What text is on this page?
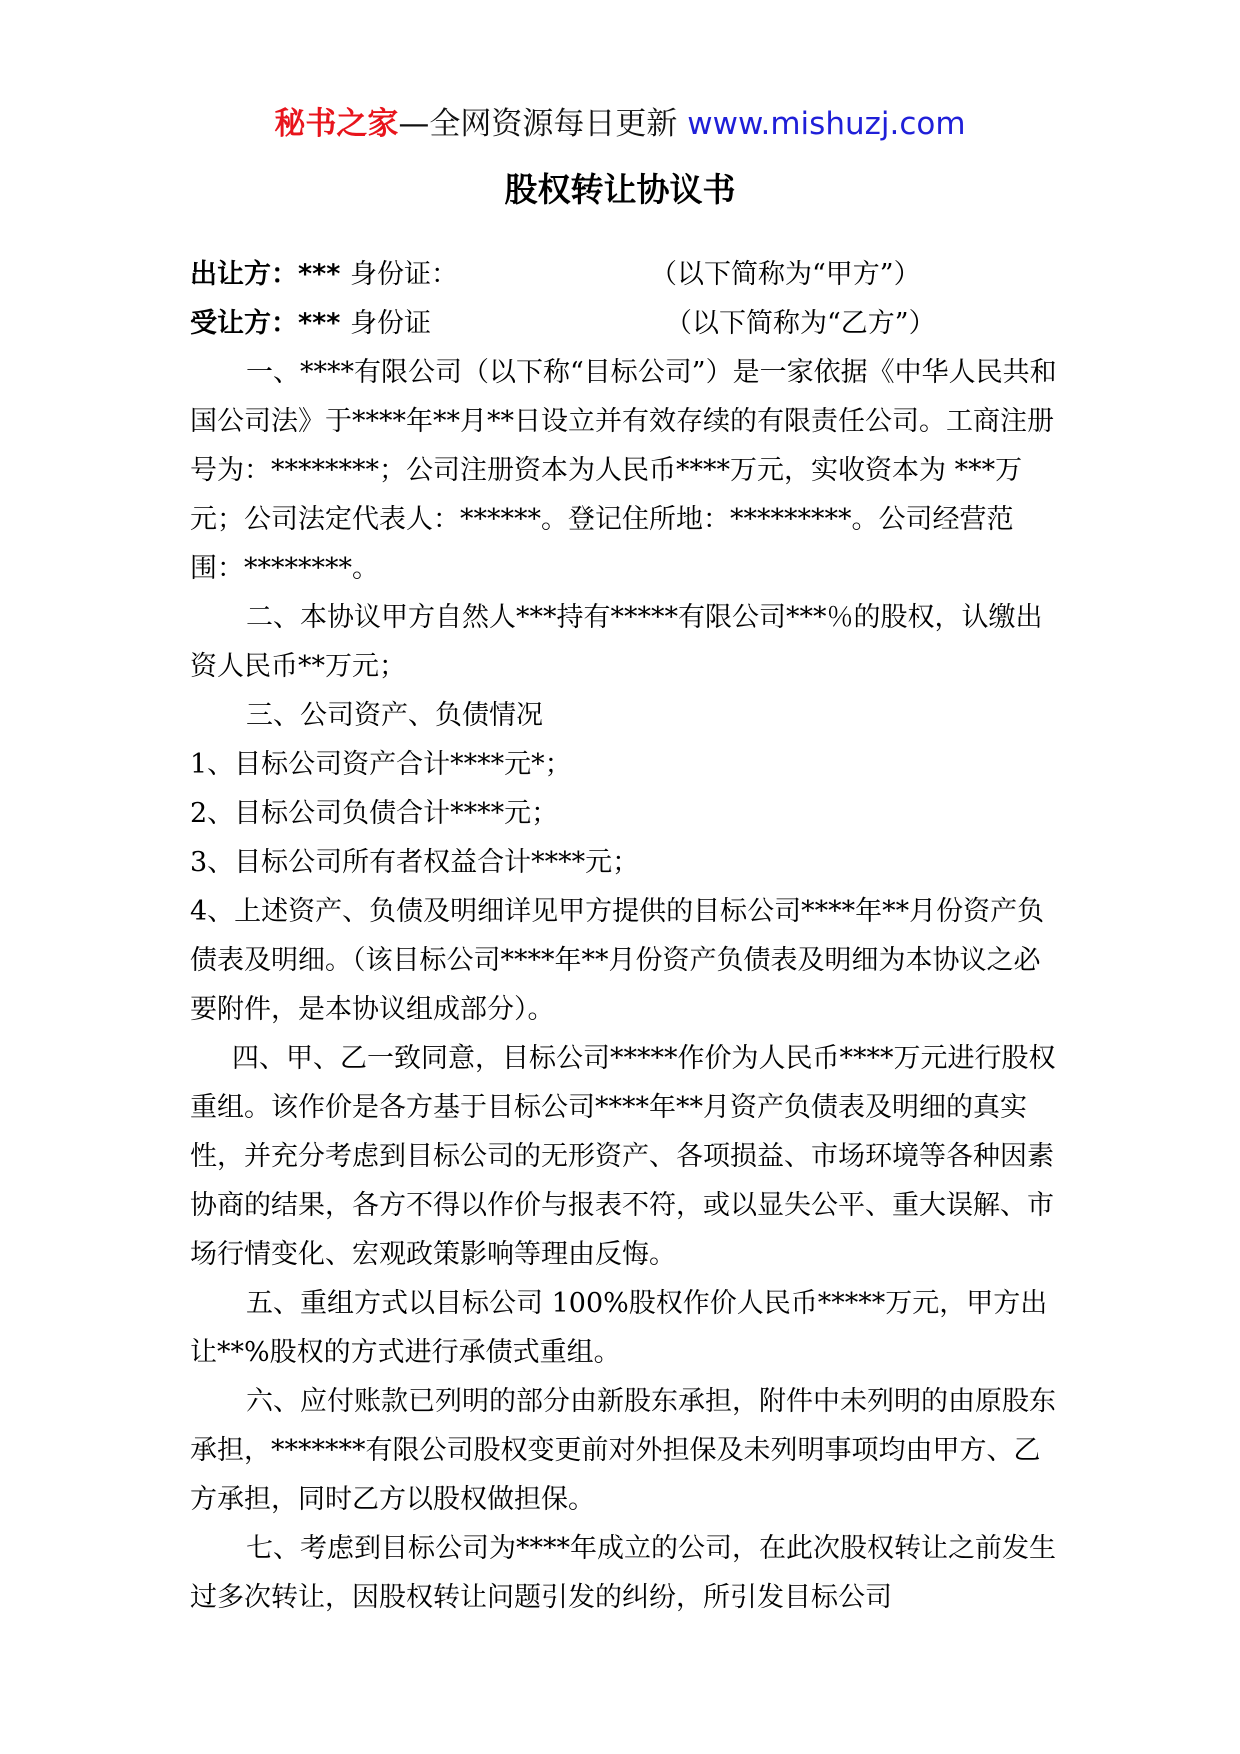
秘书之家—全网资源每日更新 www.mishuzj.com
股权转让协议书
出让方：*** 身份证：	（以下简称为“甲方”）
受让方：*** 身份证	（以下简称为“乙方”）

一、****有限公司（以下称“目标公司”）是一家依据《中华人民共和国公司法》于****年**月**日设立并有效存续的有限责任公司。工商注册号为：********；公司注册资本为人民币****万元，实收资本为 ***万元；公司法定代表人：******。登记住所地：*********。公司经营范围：********。

二、本协议甲方自然人***持有*****有限公司***％的股权，认缴出资人民币**万元；

三、公司资产、负债情况

1、目标公司资产合计****元*；

2、目标公司负债合计****元；

3、目标公司所有者权益合计****元；

4、上述资产、负债及明细详见甲方提供的目标公司****年**月份资产负债表及明细。（该目标公司****年**月份资产负债表及明细为本协议之必要附件，是本协议组成部分）。

四、甲、乙一致同意，目标公司*****作价为人民币****万元进行股权重组。该作价是各方基于目标公司****年**月资产负债表及明细的真实性，并充分考虑到目标公司的无形资产、各项损益、市场环境等各种因素协商的结果，各方不得以作价与报表不符，或以显失公平、重大误解、市场行情变化、宏观政策影响等理由反悔。

五、重组方式以目标公司 100%股权作价人民币*****万元，甲方出让**%股权的方式进行承债式重组。

六、应付账款已列明的部分由新股东承担，附件中未列明的由原股东承担，*******有限公司股权变更前对外担保及未列明事项均由甲方、乙方承担，同时乙方以股权做担保。

七、考虑到目标公司为****年成立的公司，在此次股权转让之前发生过多次转让，因股权转让问题引发的纠纷，所引发目标公司
